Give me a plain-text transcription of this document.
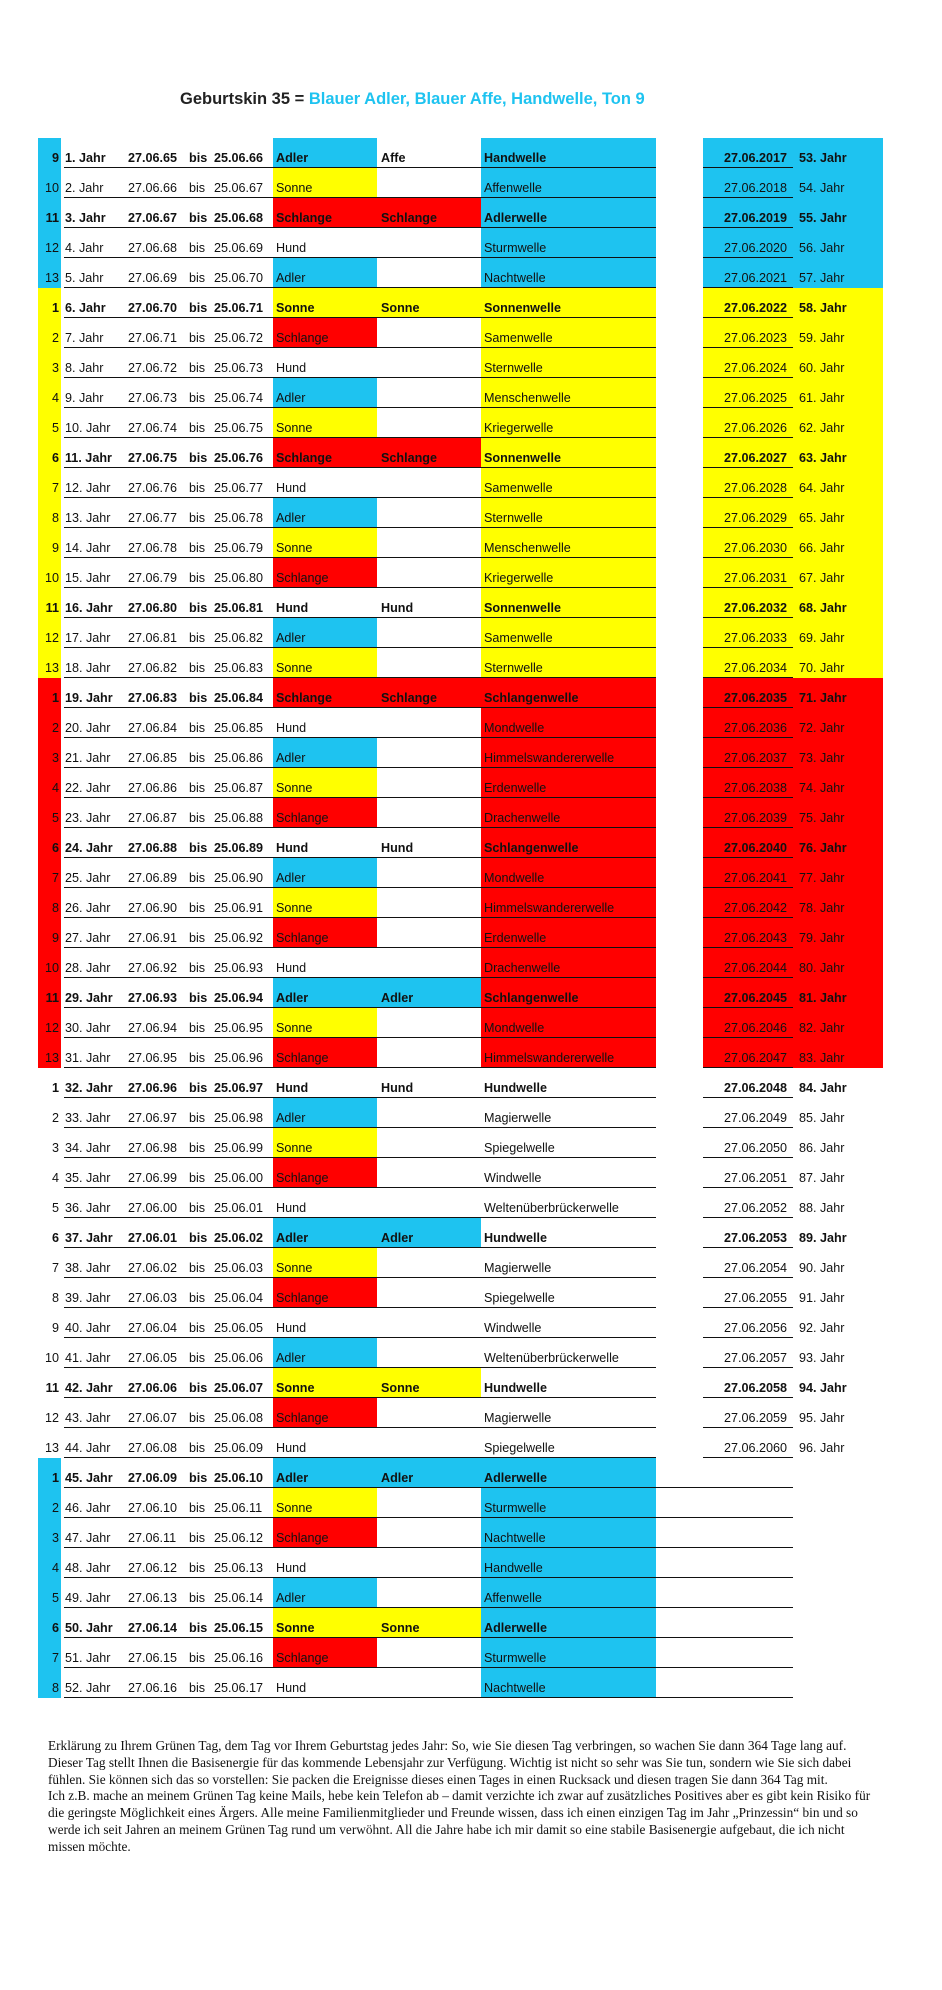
Geburtskin 35 = Blauer Adler, Blauer Affe, Handwelle, Ton 9
9 1. Jahr	27.06.65 bis 25.06.66	Adler	Affe	Handwelle	27.06.2017 53. Jahr
10 2. Jahr	27.06.66 bis 25.06.67	Sonne	Affenwelle	27.06.2018 54. Jahr
11 3. Jahr	27.06.67 bis 25.06.68	Schlange	Schlange	Adlerwelle	27.06.2019 55. Jahr
12 4. Jahr	27.06.68 bis 25.06.69	Hund	Sturmwelle	27.06.2020 56. Jahr
13 5. Jahr	27.06.69 bis 25.06.70	Adler	Nachtwelle	27.06.2021 57. Jahr
1 6. Jahr	27.06.70 bis 25.06.71	Sonne	Sonne	Sonnenwelle	27.06.2022 58. Jahr
2 7. Jahr	27.06.71 bis 25.06.72	Schlange	Samenwelle	27.06.2023 59. Jahr
3 8. Jahr	27.06.72 bis 25.06.73	Hund	Sternwelle	27.06.2024 60. Jahr
4 9. Jahr	27.06.73 bis 25.06.74	Adler	Menschenwelle	27.06.2025 61. Jahr
5 10. Jahr	27.06.74 bis 25.06.75	Sonne	Kriegerwelle	27.06.2026 62. Jahr
6 11. Jahr	27.06.75 bis 25.06.76	Schlange	Schlange	Sonnenwelle	27.06.2027 63. Jahr
7 12. Jahr	27.06.76 bis 25.06.77	Hund	Samenwelle	27.06.2028 64. Jahr
8 13. Jahr	27.06.77 bis 25.06.78	Adler	Sternwelle	27.06.2029 65. Jahr
9 14. Jahr	27.06.78 bis 25.06.79	Sonne	Menschenwelle	27.06.2030 66. Jahr
10 15. Jahr	27.06.79 bis 25.06.80	Schlange	Kriegerwelle	27.06.2031 67. Jahr
11 16. Jahr	27.06.80 bis 25.06.81	Hund	Hund	Sonnenwelle	27.06.2032 68. Jahr
12 17. Jahr	27.06.81 bis 25.06.82	Adler	Samenwelle	27.06.2033 69. Jahr
13 18. Jahr	27.06.82 bis 25.06.83	Sonne	Sternwelle	27.06.2034 70. Jahr
1 19. Jahr	27.06.83 bis 25.06.84	Schlange	Schlange	Schlangenwelle	27.06.2035 71. Jahr
2 20. Jahr	27.06.84 bis 25.06.85	Hund	Mondwelle	27.06.2036 72. Jahr
3 21. Jahr	27.06.85 bis 25.06.86	Adler	Himmelswandererwelle	27.06.2037 73. Jahr
4 22. Jahr	27.06.86 bis 25.06.87	Sonne	Erdenwelle	27.06.2038 74. Jahr
5 23. Jahr	27.06.87 bis 25.06.88	Schlange	Drachenwelle	27.06.2039 75. Jahr
6 24. Jahr	27.06.88 bis 25.06.89	Hund	Hund	Schlangenwelle	27.06.2040 76. Jahr
7 25. Jahr	27.06.89 bis 25.06.90	Adler	Mondwelle	27.06.2041 77. Jahr
8 26. Jahr	27.06.90 bis 25.06.91	Sonne	Himmelswandererwelle	27.06.2042 78. Jahr
9 27. Jahr	27.06.91 bis 25.06.92	Schlange	Erdenwelle	27.06.2043 79. Jahr
10 28. Jahr	27.06.92 bis 25.06.93	Hund	Drachenwelle	27.06.2044 80. Jahr
11 29. Jahr	27.06.93 bis 25.06.94	Adler	Adler	Schlangenwelle	27.06.2045 81. Jahr
12 30. Jahr	27.06.94 bis 25.06.95	Sonne	Mondwelle	27.06.2046 82. Jahr
13 31. Jahr	27.06.95 bis 25.06.96	Schlange	Himmelswandererwelle	27.06.2047 83. Jahr
1 32. Jahr	27.06.96 bis 25.06.97	Hund	Hund	Hundwelle	27.06.2048 84. Jahr
2 33. Jahr	27.06.97 bis 25.06.98	Adler	Magierwelle	27.06.2049 85. Jahr
3 34. Jahr	27.06.98 bis 25.06.99	Sonne	Spiegelwelle	27.06.2050 86. Jahr
4 35. Jahr	27.06.99 bis 25.06.00	Schlange	Windwelle	27.06.2051 87. Jahr
5 36. Jahr	27.06.00 bis 25.06.01	Hund	Weltenüberbrückerwelle	27.06.2052 88. Jahr
6 37. Jahr	27.06.01 bis 25.06.02	Adler	Adler	Hundwelle	27.06.2053 89. Jahr
7 38. Jahr	27.06.02 bis 25.06.03	Sonne	Magierwelle	27.06.2054 90. Jahr
8 39. Jahr	27.06.03 bis 25.06.04	Schlange	Spiegelwelle	27.06.2055 91. Jahr
9 40. Jahr	27.06.04 bis 25.06.05	Hund	Windwelle	27.06.2056 92. Jahr
10 41. Jahr	27.06.05 bis 25.06.06	Adler	Weltenüberbrückerwelle	27.06.2057 93. Jahr
11 42. Jahr	27.06.06 bis 25.06.07	Sonne	Sonne	Hundwelle	27.06.2058 94. Jahr
12 43. Jahr	27.06.07 bis 25.06.08	Schlange	Magierwelle	27.06.2059 95. Jahr
13 44. Jahr	27.06.08 bis 25.06.09	Hund	Spiegelwelle	27.06.2060 96. Jahr
1 45. Jahr	27.06.09 bis 25.06.10	Adler	Adler	Adlerwelle
2 46. Jahr	27.06.10 bis 25.06.11	Sonne	Sturmwelle
3 47. Jahr	27.06.11	bis 25.06.12	Schlange	Nachtwelle
4 48. Jahr	27.06.12 bis 25.06.13	Hund	Handwelle
5 49. Jahr	27.06.13 bis 25.06.14	Adler	Affenwelle
6 50. Jahr	27.06.14 bis 25.06.15	Sonne	Sonne	Adlerwelle
7 51. Jahr	27.06.15 bis 25.06.16	Schlange	Sturmwelle
8 52. Jahr	27.06.16 bis 25.06.17	Hund	Nachtwelle

Erklärung zu Ihrem Grünen Tag, dem Tag vor Ihrem Geburtstag jedes Jahr: So, wie Sie diesen Tag verbringen, so wachen Sie dann 364 Tage lang auf. Dieser Tag stellt Ihnen die Basisenergie für das kommende Lebensjahr zur Verfügung. Wichtig ist nicht so sehr was Sie tun, sondern wie Sie sich dabei fühlen. Sie können sich das so vorstellen: Sie packen die Ereignisse dieses einen Tages in einen Rucksack und diesen tragen Sie dann 364 Tag mit.

Ich z.B. mache an meinem Grünen Tag keine Mails, hebe kein Telefon ab – damit verzichte ich zwar auf zusätzliches Positives aber es gibt kein Risiko für die geringste Möglichkeit eines Ärgers. Alle meine Familienmitglieder und Freunde wissen, dass ich einen einzigen Tag im Jahr „Prinzessin“ bin und so werde ich seit Jahren an meinem Grünen Tag rund um verwöhnt. All die Jahre habe ich mir damit so eine stabile Basisenergie aufgebaut, die ich nicht missen möchte.
